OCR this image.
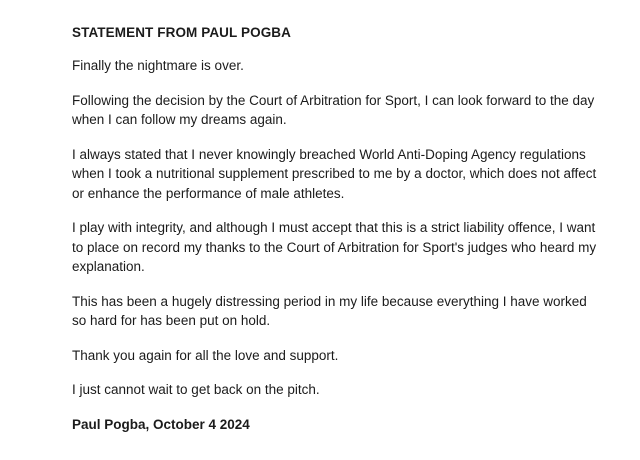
STATEMENT FROM PAUL POGBA

Finally the nightmare is over.

Following the decision by the Court of Arbitration for Sport, I can look forward to the day when I can follow my dreams again.

I always stated that I never knowingly breached World Anti-Doping Agency regulations when I took a nutritional supplement prescribed to me by a doctor, which does not affect or enhance the performance of male athletes.

I play with integrity, and although I must accept that this is a strict liability offence, I want to place on record my thanks to the Court of Arbitration for Sport's judges who heard my explanation.

This has been a hugely distressing period in my life because everything I have worked so hard for has been put on hold.

Thank you again for all the love and support.

I just cannot wait to get back on the pitch.

Paul Pogba, October 4 2024
